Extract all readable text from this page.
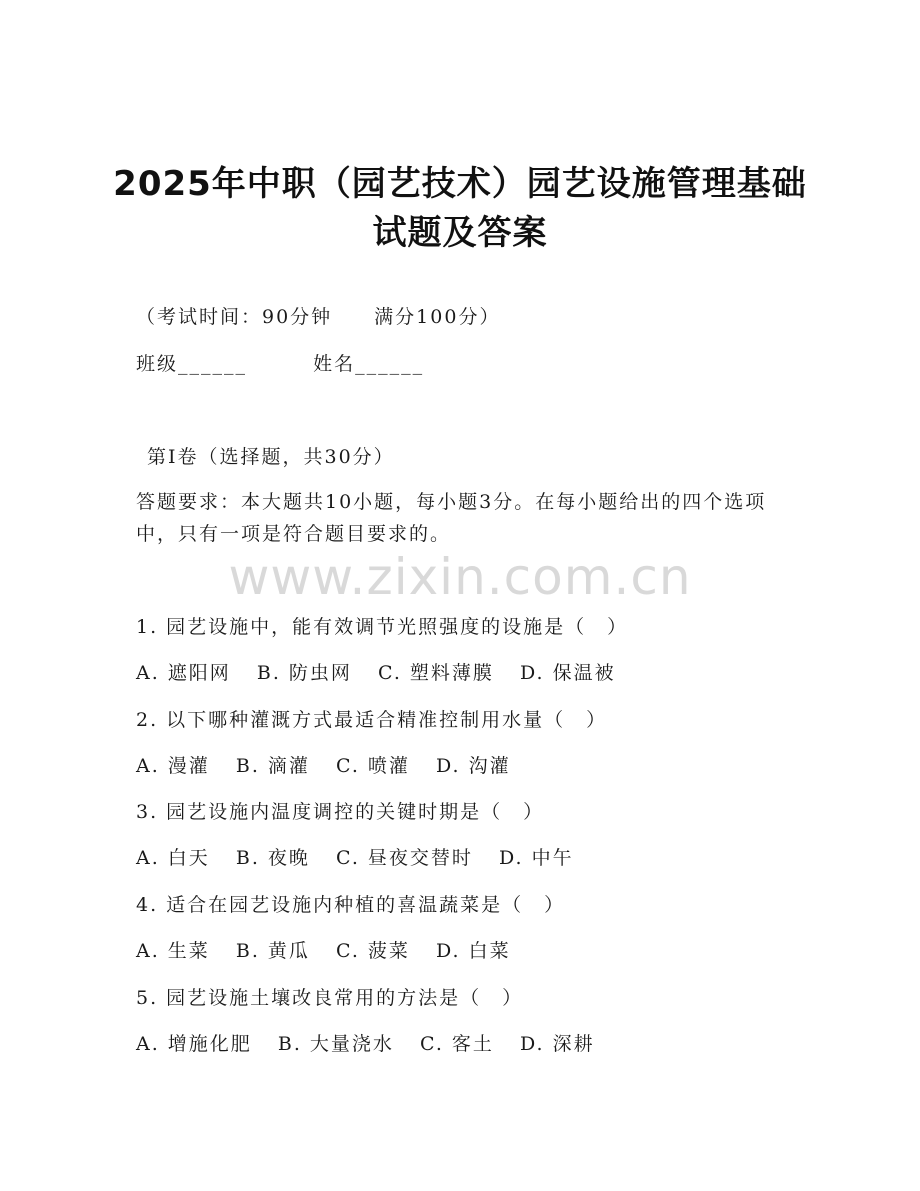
2025年中职（园艺技术）园艺设施管理基础
试题及答案
（考试时间：90分钟　　满分100分）
班级______	姓名______
第I卷（选择题，共30分）
答题要求：本大题共10小题，每小题3分。在每小题给出的四个选项
中，只有一项是符合题目要求的。
www.zixin.com.cn
1. 园艺设施中，能有效调节光照强度的设施是（　）
A. 遮阳网 B. 防虫网 C. 塑料薄膜 D. 保温被
2. 以下哪种灌溉方式最适合精准控制用水量（　）
A. 漫灌 B. 滴灌 C. 喷灌 D. 沟灌
3. 园艺设施内温度调控的关键时期是（　）
A. 白天 B. 夜晚 C. 昼夜交替时 D. 中午
4. 适合在园艺设施内种植的喜温蔬菜是（　）
A. 生菜 B. 黄瓜 C. 菠菜 D. 白菜
5. 园艺设施土壤改良常用的方法是（　）
A. 增施化肥 B. 大量浇水 C. 客土 D. 深耕
